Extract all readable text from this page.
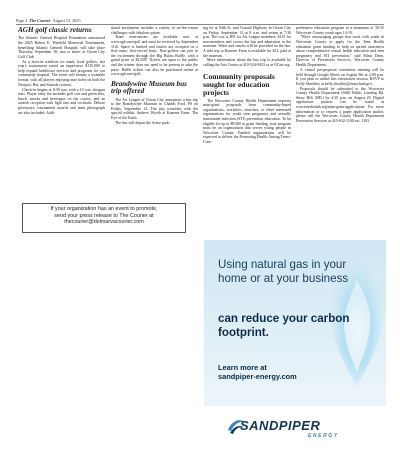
Page 2 The Courier August 13, 2025
AGH golf classic returns

The Atlantic General Hospital Foundation announced the 2025 Robert E. Warfield Memorial Tournament, benefiting Atlantic General Hospital, will take place Thursday, September 18, rain or shine, at Ocean City Golf Club.

As a favorite tradition for many local golfers, last year's tournament raised an impressive $135,000 to help expand healthcare services and programs for our community hospital. The event will feature a scramble format, with all players enjoying nine holes on both the Newport Bay and Seaside courses.

Check-in begins at 8:30 a.m. with a 10 a.m. shotgun start. Player entry fee includes golf cart and green fees, lunch, snacks and beverages on the course, and an awards reception with light fare and cocktails. Deluxe giveaways, tournament awards and team photograph are also included. Addi-

tional enrichment includes a variety of on-the-course challenges with fabulous prizes.

Team reservations are available now at www.agh.care/golf and must be received by September 11th. Space is limited and entries are accepted on a first-come, first-served basis. Non-golfers can join in the excitement through the Big Bucks Raffle, with a grand prize of $2,500! Tickets are open to the public and the winner does not need to be present to take the prize. Raffle tickets can also be purchased online at www.agh.care/golf.

Brandywine Museum bus trip offered

The Art League of Ocean City announces a bus trip to the Brandywine Museum in Chadds Ford, PA on Friday, September 12. The trip coincides with the special exhibit, Andrew Wyeth at Kuerner Farm: The Eye of the Earth.

The bus will depart the Acme park-

ing lot at 94th St. and Coastal Highway in Ocean City on Friday, September 12 at 8 a.m. and return at 7:30 p.m. The cost is $95 for Art League members, $115 for non-members and covers the bus and admission to the museum. Water and snacks will be provided on the bus. A side trip to Kuerner Farm is available for $12, paid at the museum.

More information about the bus trip is available by calling the Arts Center at 410-524-9433 or at OCart.org.

Community proposals sought for education projects

The Worcester County Health Department requests mini-grant proposals from community-based organizations, worksites, churches, or other interested organizations for youth teen pregnancy and sexually transmitted infection (STI) prevention education. To be eligible for up to $9,000 in grant funding, your program must be an organization that serves young people in Worcester County. Funded organizations will be expected to deliver the Promoting Health Among Teens-Com-

prehensive education program to a minimum of 30-35 Worcester County youth ages 14-19.

"We're encouraging groups that work with youth in Worcester County to apply for the Teen Health education grant funding to help us spread awareness about comprehensive sexual health education and teen pregnancy and STI prevention," said Mimi Dean, Director of Prevention Services, Worcester County Health Department.

A virtual pre-proposal orientation meeting will be held through Google Meets on August 8th at 2:00 p.m. If you plan to attend this orientation session, RSVP to Kelly Shockley at kelly.shockley@maryland.gov.

Proposals should be submitted to the Worcester County Health Department (6040 Public Landing Rd. Snow Hill, MD.) by 4:30 p.m. on August 29. Digital application packets can be found at worcesterhealth.org/mini-grant-applications. For more information or to request a paper application packet, please call the Worcester County Health Department Prevention Services at 410-632-1100 ext. 1103.

If your organization has an event to promote,
send your press release to The Courier at
thecourier@delmarvacourier.com
Using natural gas in your home or at your business
can reduce your carbon footprint.
Learn more at
sandpiper-energy.com
SANDPIPER
ENERGY
